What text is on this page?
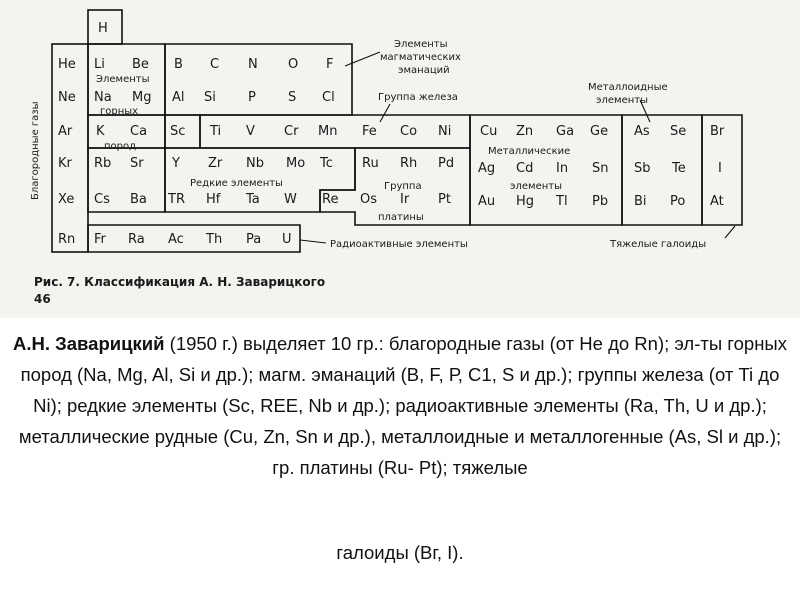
Благородные газы
H
He Li Be B C N O F
Ne Na Mg Al Si P S Cl
Ar K Ca Sc Ti V Cr Mn Fe Co Ni Cu Zn Ga Ge As Se Br
Kr Rb Sr Y Zr Nb Mo Tc Ru Rh Pd Ag Cd In Sn Sb Te I
Xe Cs Ba TR Hf Ta W Re Os Ir Pt Au Hg Tl Pb Bi Po At
Rn Fr Ra Ac Th Pa U
Элементы
горных
пород
Элементы
магматических
эманаций
Группа железа
Металлоидные
элементы
Металлические
элементы
Редкие элементы	Группа
платины
Радиоактивные элементы	Тяжелые галоиды
Рис. 7. Классификация А. Н. Заварицкого
46

А.Н. Заварицкий (1950 г.) выделяет 10 гр.: благородные газы (от Не до Rn); эл-ты горных пород (Na, Mg, Al, Si и др.); магм. эманаций (В, F, Р, С1, S и др.); группы железа (от Ti до Ni); редкие элементы (Sc, REE, Nb и др.); радиоактивные элементы (Ra, Th, U и др.); металлические рудные (Сu, Zn, Sn и др.), металлоидные и металлогенные (As, Sl и др.); гр. платины (Ru- Pt); тяжелые

галоиды (Вг, I).
